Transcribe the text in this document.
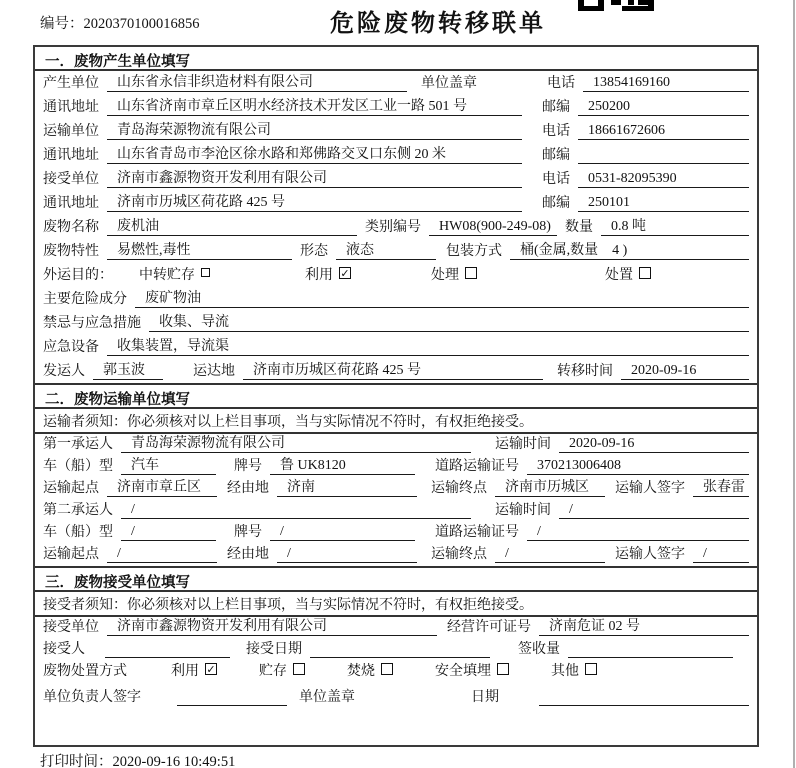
编号：2020370100016856	危险废物转移联单
一．废物产生单位填写
产生单位	山东省永信非织造材料有限公司	单位盖章	电话	13854169160
通讯地址	山东省济南市章丘区明水经济技术开发区工业一路 501 号	邮编	250200
运输单位	青岛海荣源物流有限公司	电话	18661672606
通讯地址	山东省青岛市李沧区徐水路和郑佛路交叉口东侧 20 米	邮编
接受单位	济南市鑫源物资开发利用有限公司	电话	0531-82095390
通讯地址	济南市历城区荷花路 425 号	邮编	250101
废物名称	废机油	类别编号	HW08(900-249-08)	数量	0.8 吨
废物特性	易燃性,毒性	形态	液态	包装方式	桶(金属,数量　4 )
外运目的： 中转贮存	利用 ✓	处理	处置
主要危险成分	废矿物油
禁忌与应急措施	收集、导流
应急设备	收集装置，导流渠
发运人	郭玉波	运达地	济南市历城区荷花路 425 号	转移时间	2020-09-16
二．废物运输单位填写
运输者须知：你必须核对以上栏目事项，当与实际情况不符时，有权拒绝接受。
第一承运人	青岛海荣源物流有限公司	运输时间	2020-09-16
车（船）型	汽车	牌号	鲁 UK8120	道路运输证号	370213006408
运输起点	济南市章丘区	经由地	济南	运输终点	济南市历城区	运输人签字	张春雷
第二承运人	/	运输时间	/
车（船）型	/	牌号	/	道路运输证号	/
运输起点	/	经由地	/	运输终点	/	运输人签字	/
三．废物接受单位填写
接受者须知：你必须核对以上栏目事项，当与实际情况不符时，有权拒绝接受。
接受单位	济南市鑫源物资开发利用有限公司	经营许可证号	济南危证 02 号
接受人	接受日期	签收量
废物处置方式	利用 ✓	贮存	焚烧	安全填埋	其他
单位负责人签字	单位盖章	日期
打印时间：2020-09-16 10:49:51
